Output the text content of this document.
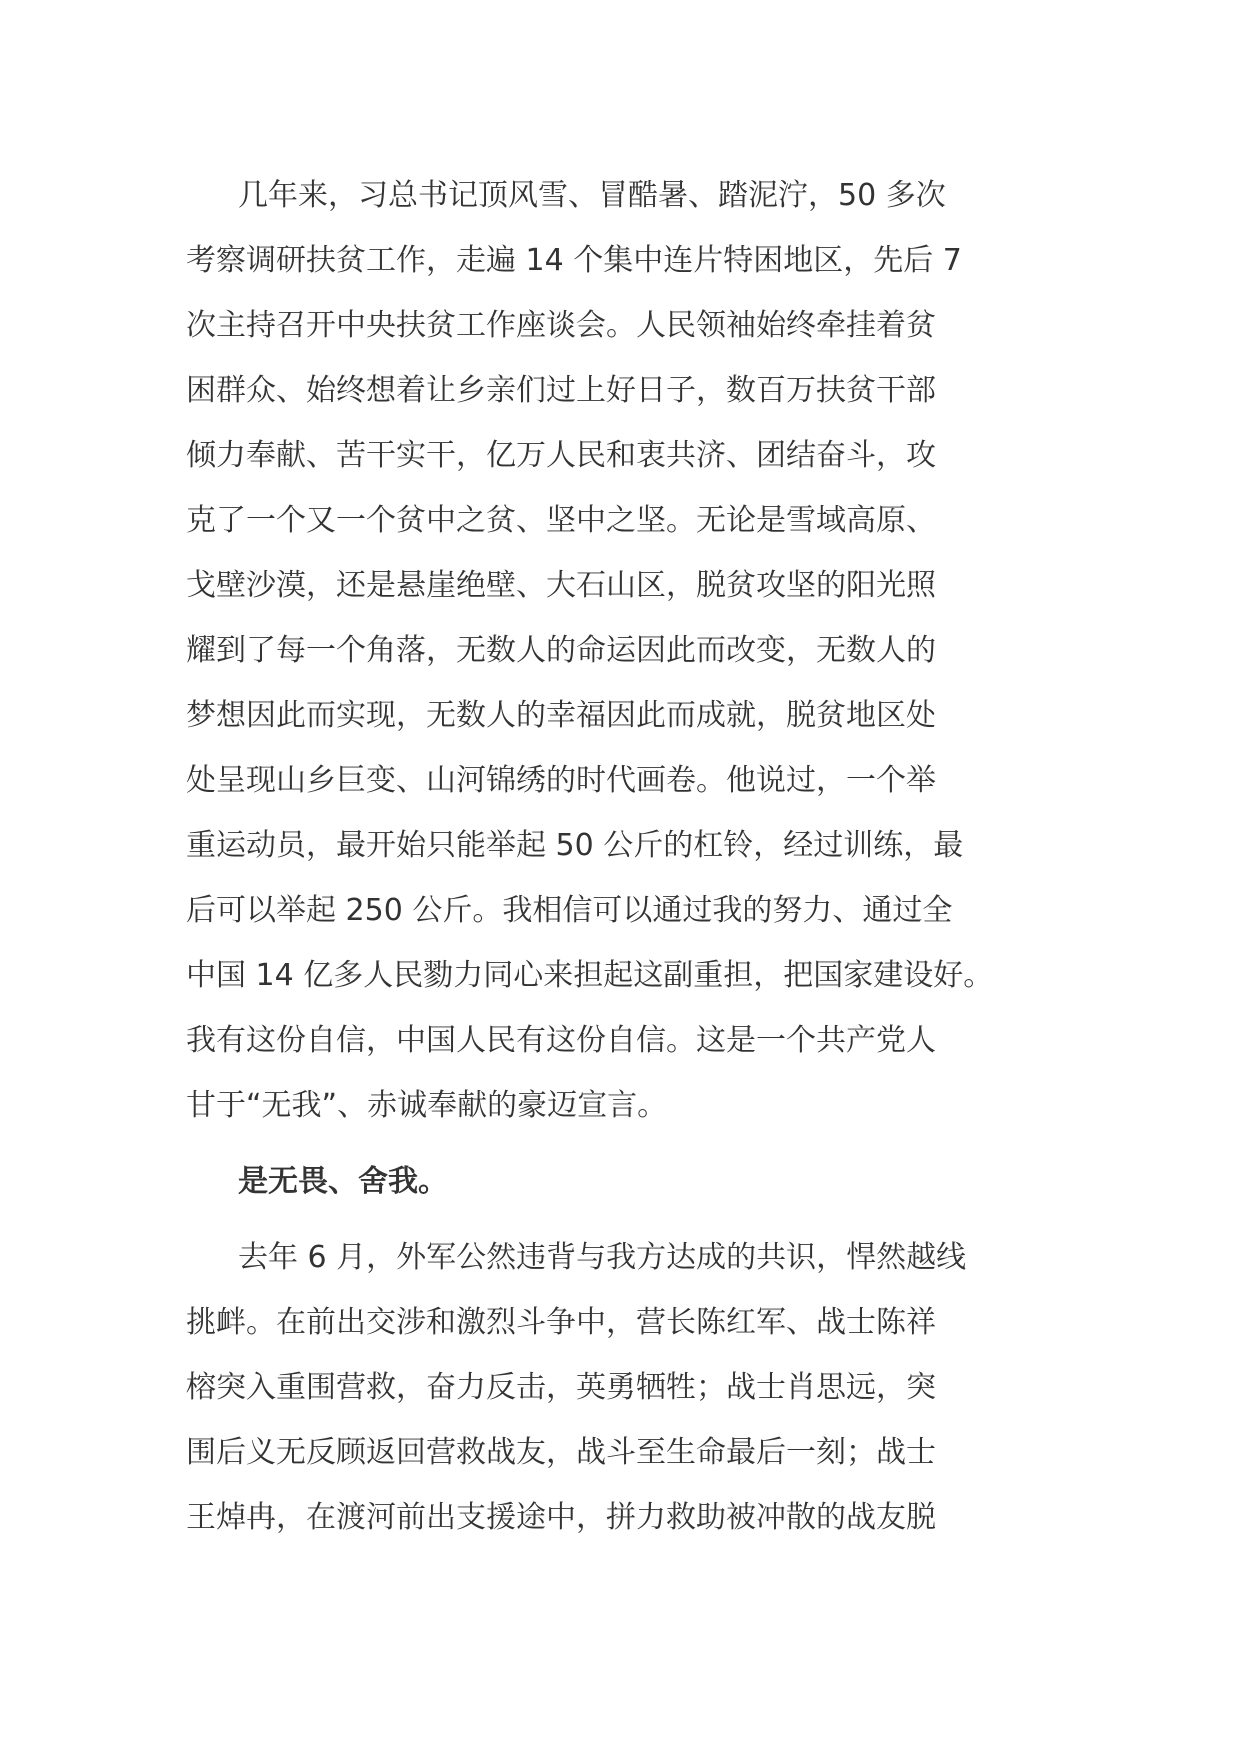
几年来，习总书记顶风雪、冒酷暑、踏泥泞，50 多次
考察调研扶贫工作，走遍 14 个集中连片特困地区，先后 7
次主持召开中央扶贫工作座谈会。人民领袖始终牵挂着贫
困群众、始终想着让乡亲们过上好日子，数百万扶贫干部
倾力奉献、苦干实干，亿万人民和衷共济、团结奋斗，攻
克了一个又一个贫中之贫、坚中之坚。无论是雪域高原、
戈壁沙漠，还是悬崖绝壁、大石山区，脱贫攻坚的阳光照
耀到了每一个角落，无数人的命运因此而改变，无数人的
梦想因此而实现，无数人的幸福因此而成就，脱贫地区处
处呈现山乡巨变、山河锦绣的时代画卷。他说过，一个举
重运动员，最开始只能举起 50 公斤的杠铃，经过训练，最
后可以举起 250 公斤。我相信可以通过我的努力、通过全
中国 14 亿多人民勠力同心来担起这副重担，把国家建设好。
我有这份自信，中国人民有这份自信。这是一个共产党人
甘于“无我”、赤诚奉献的豪迈宣言。
是无畏、舍我。
去年 6 月，外军公然违背与我方达成的共识，悍然越线
挑衅。在前出交涉和激烈斗争中，营长陈红军、战士陈祥
榕突入重围营救，奋力反击，英勇牺牲；战士肖思远，突
围后义无反顾返回营救战友，战斗至生命最后一刻；战士
王焯冉，在渡河前出支援途中，拼力救助被冲散的战友脱
